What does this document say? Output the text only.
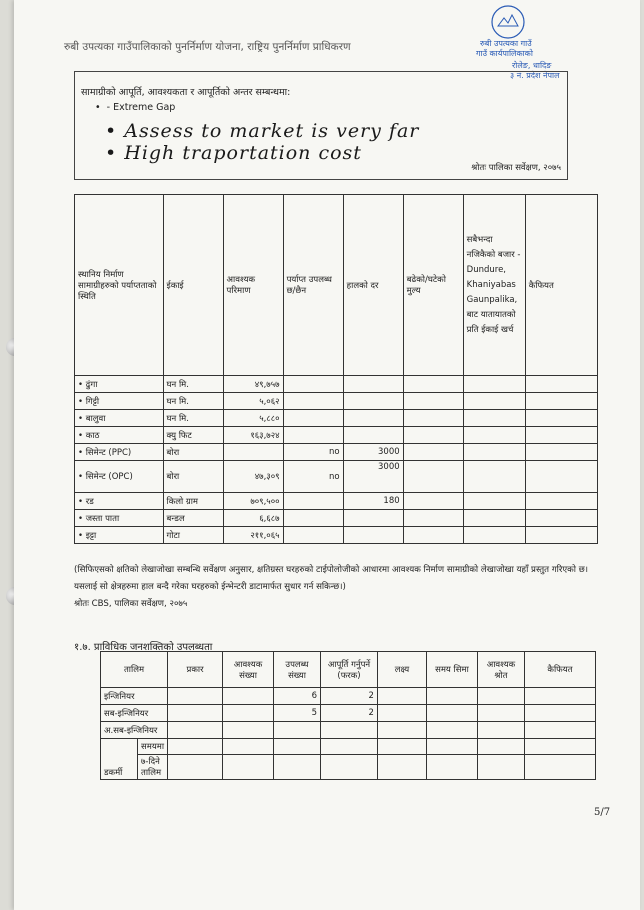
रुबी उपत्यका गाउँपालिकाको पुनर्निर्माण योजना, राष्ट्रिय पुनर्निर्माण प्राधिकरण	रुबी उपत्यका गाउँ
गाउँ कार्यपालिकाको
रोलेङ, धादिङ
३ नं. प्रदेश नेपाल
सामाग्रीको आपूर्ति, आवश्यकता र आपूर्तिको अन्तर सम्बन्धमा:
•  - Extreme Gap
• Assess to market is very far
• High traportation cost
श्रोतः पालिका सर्वेक्षण, २०७५
स्थानिय निर्माण सामाग्रीहरुको पर्याप्तताको स्थिति	ईकाई	आवश्यक परिमाण	पर्याप्त उपलब्ध छ/छैन	हालको दर	बढेको/घटेको मुल्य	सबैभन्दा नजिकैको बजार - Dundure, Khaniyabas Gaunpalika, बाट यातायातको प्रति ईकाई खर्च	कैफियत
• ढुंगा	घन मि.	४९,७५७					
• गिट्टी	घन मि.	५,०६२					
• बालुवा	घन मि.	५,८८०					
• काठ	क्यु फिट	१६३,७२४					
• सिमेन्ट (PPC)	बोरा		no	3000			
• सिमेन्ट (OPC)	बोरा	४७,३०९	no	3000			
• रड	किलो ग्राम	७०९,५००		180			
• जस्ता पाता	बन्डल	६,६८७					
• इट्टा	गोटा	२११,०६५					
(सिफिएसको क्षतिको लेखाजोखा सम्बन्धि सर्वेक्षण अनुसार, क्षतिग्रस्त घरहरुको टाईपोलोजीको आधारमा आवश्यक निर्माण सामाग्रीको लेखाजोखा यहाँ प्रस्तुत गरिएको छ। यसलाई सो क्षेत्रहरुमा हाल बन्दै गरेका घरहरुको ईन्भेन्टरी डाटामार्फत सुधार गर्न सकिन्छ।)
श्रोतः CBS, पालिका सर्वेक्षण, २०७५
१.७. प्राविधिक जनशक्तिको उपलब्धता
तालिम		प्रकार	आवश्यक संख्या	उपलब्ध संख्या	आपूर्ति गर्नुपर्ने (फरक)	लक्ष्य	समय सिमा	आवश्यक श्रोत	कैफियत
इन्जिनियर				6	2				
सब-इन्जिनियर				5	2				
अ.सब-इन्जिनियर									
डकर्मी	समयमा								
	७-दिने तालिम								
5/7
